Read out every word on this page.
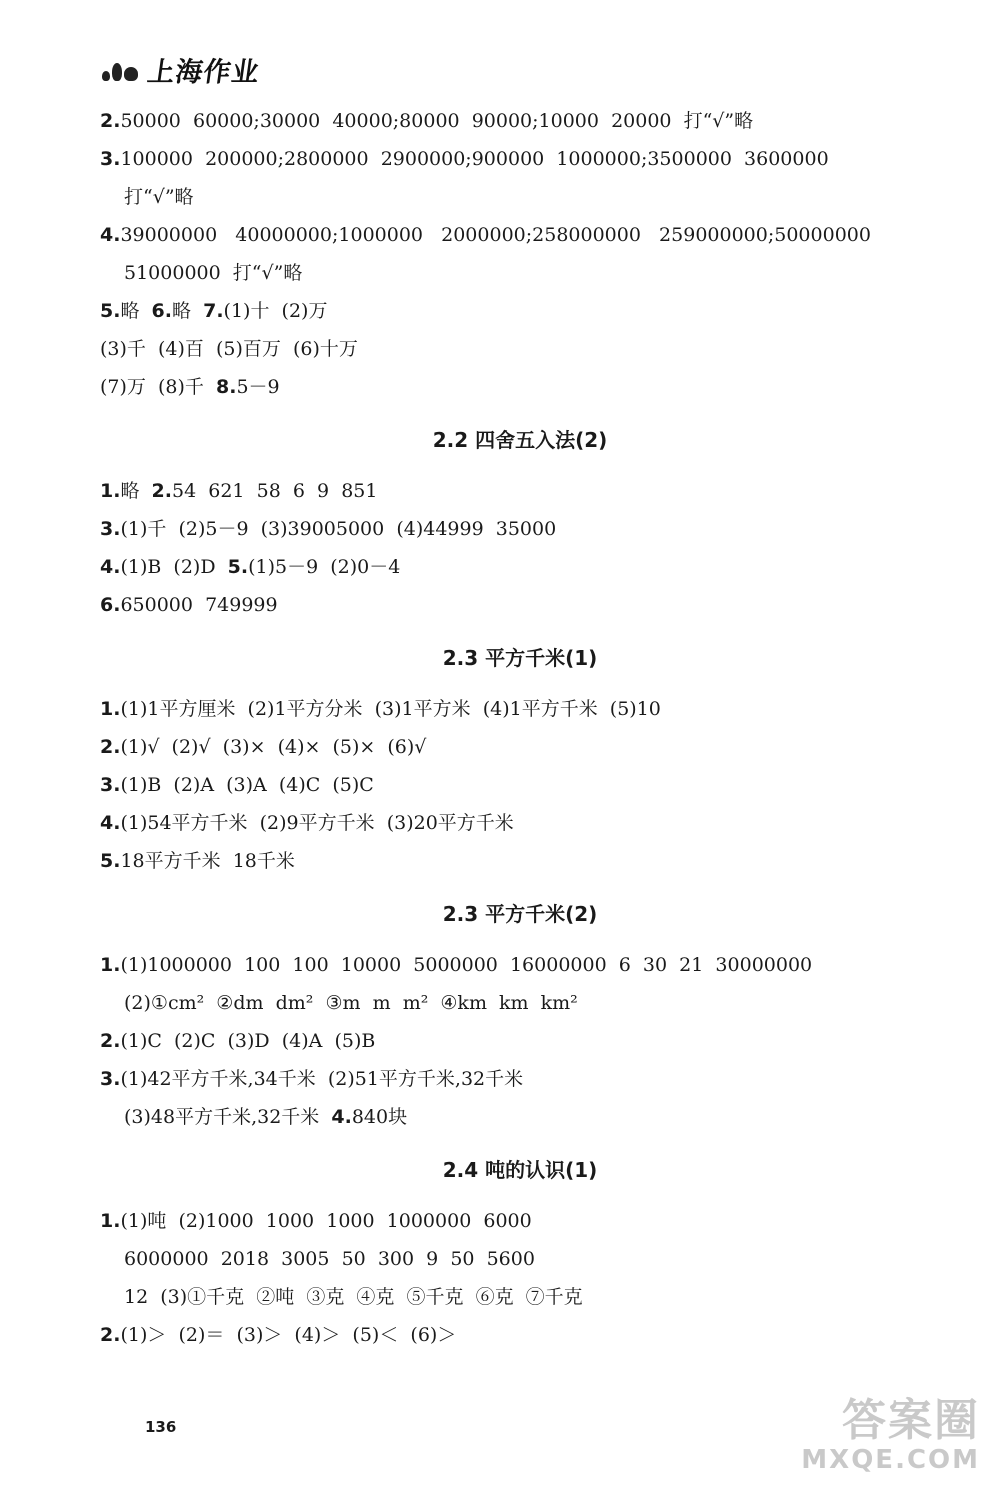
上海作业
2.50000  60000;30000  40000;80000  90000;10000  20000  打“√”略
3.100000  200000;2800000  2900000;900000  1000000;3500000  3600000
打“√”略
4.39000000   40000000;1000000   2000000;258000000   259000000;50000000
51000000  打“√”略
5.略  6.略  7.(1)十  (2)万
(3)千  (4)百  (5)百万  (6)十万
(7)万  (8)千  8.5－9
2.2 四舍五入法(2)
1.略  2.54  621  58  6  9  851
3.(1)千  (2)5－9  (3)39005000  (4)44999  35000
4.(1)B  (2)D  5.(1)5－9  (2)0－4
6.650000  749999
2.3 平方千米(1)
1.(1)1平方厘米  (2)1平方分米  (3)1平方米  (4)1平方千米  (5)10
2.(1)√  (2)√  (3)×  (4)×  (5)×  (6)√
3.(1)B  (2)A  (3)A  (4)C  (5)C
4.(1)54平方千米  (2)9平方千米  (3)20平方千米
5.18平方千米  18千米
2.3 平方千米(2)
1.(1)1000000  100  100  10000  5000000  16000000  6  30  21  30000000
(2)①cm²  ②dm  dm²  ③m  m  m²  ④km  km  km²
2.(1)C  (2)C  (3)D  (4)A  (5)B
3.(1)42平方千米,34千米  (2)51平方千米,32千米
(3)48平方千米,32千米  4.840块
2.4 吨的认识(1)
1.(1)吨  (2)1000  1000  1000  1000000  6000
6000000  2018  3005  50  300  9  50  5600
12  (3)①千克  ②吨  ③克  ④克  ⑤千克  ⑥克  ⑦千克
2.(1)＞  (2)＝  (3)＞  (4)＞  (5)＜  (6)＞
136	答案圈
MXQE.COM
